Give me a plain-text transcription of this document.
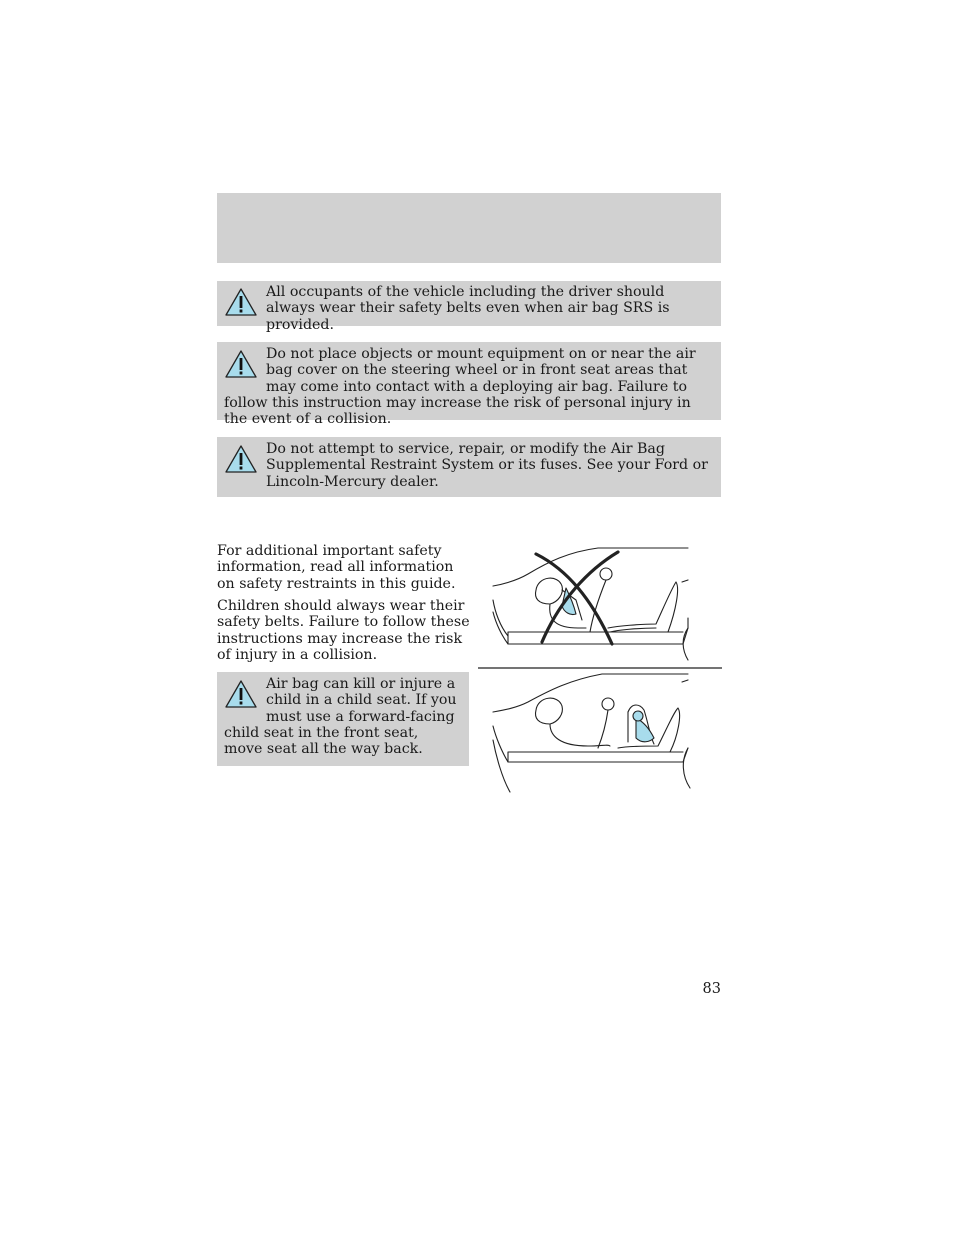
All occupants of the vehicle including the driver should always wear their safety belts even when air bag SRS is provided.
Do not place objects or mount equipment on or near the air bag cover on the steering wheel or in front seat areas that may come into contact with a deploying air bag. Failure to follow this instruction may increase the risk of personal injury in the event of a collision.
Do not attempt to service, repair, or modify the Air Bag Supplemental Restraint System or its fuses. See your Ford or Lincoln-Mercury dealer.

For additional important safety information, read all information on safety restraints in this guide.

Children should always wear their safety belts. Failure to follow these instructions may increase the risk of injury in a collision.

Air bag can kill or injure a child in a child seat. If you must use a forward-facing child seat in the front seat, move seat all the way back.
83
